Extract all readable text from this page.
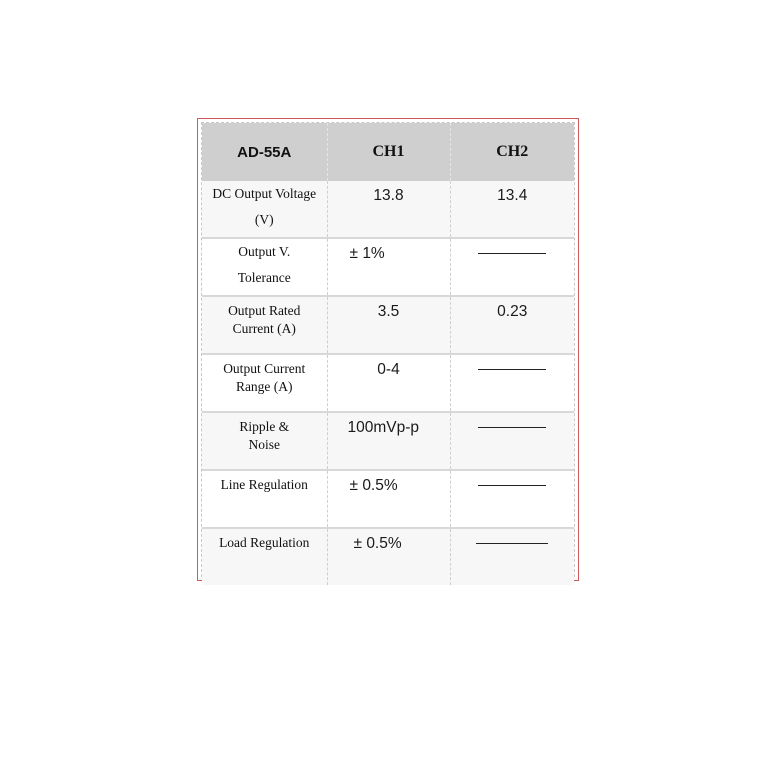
AD-55A	CH1	CH2

DC Output Voltage
(V)	13.8	13.4

Output V.
Tolerance	± 1%	

Output Rated
Current (A)	3.5	0.23

Output Current
Range (A)	0-4	

Ripple &
Noise	100mVp-p	

Line Regulation	± 0.5%	

Load Regulation	± 0.5%	
